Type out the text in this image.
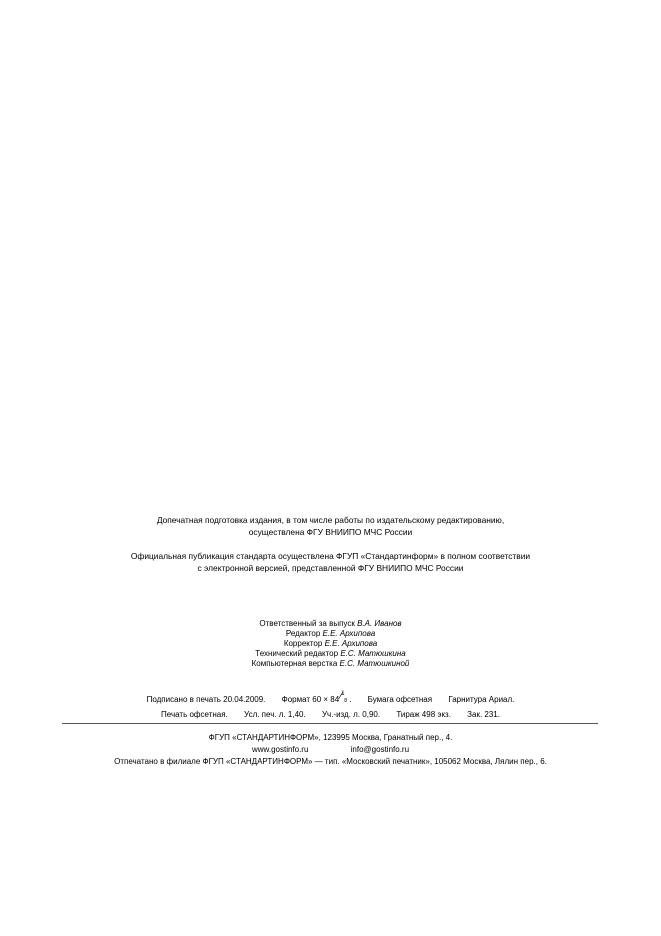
Допечатная подготовка издания, в том числе работы по издательскому редактированию,
осуществлена ФГУ ВНИИПО МЧС России
Официальная публикация стандарта осуществлена ФГУП «Стандартинформ» в полном соответствии
с электронной версией, представленной ФГУ ВНИИПО МЧС России
Ответственный за выпуск В.А. Иванов
Редактор Е.Е. Архипова
Корректор Е.Е. Архипова
Технический редактор Е.С. Матюшкина
Компьютерная верстка Е.С. Матюшкиной
Подписано в печать 20.04.2009. Формат 60 × 84
1
⁄ 8 . Бумага офсетная Гарнитура Ариал.
Печать офсетная. Усл. печ. л. 1,40. Уч.-изд. л. 0,90. Тираж 498 экз. Зак. 231.
ФГУП «СТАНДАРТИНФОРМ», 123995 Москва, Гранатный пер., 4.
www.gostinfo.ru	info@gostinfo.ru
Отпечатано в филиале ФГУП «СТАНДАРТИНФОРМ» — тип. «Московский печатник», 105062 Москва, Лялин пер., 6.
